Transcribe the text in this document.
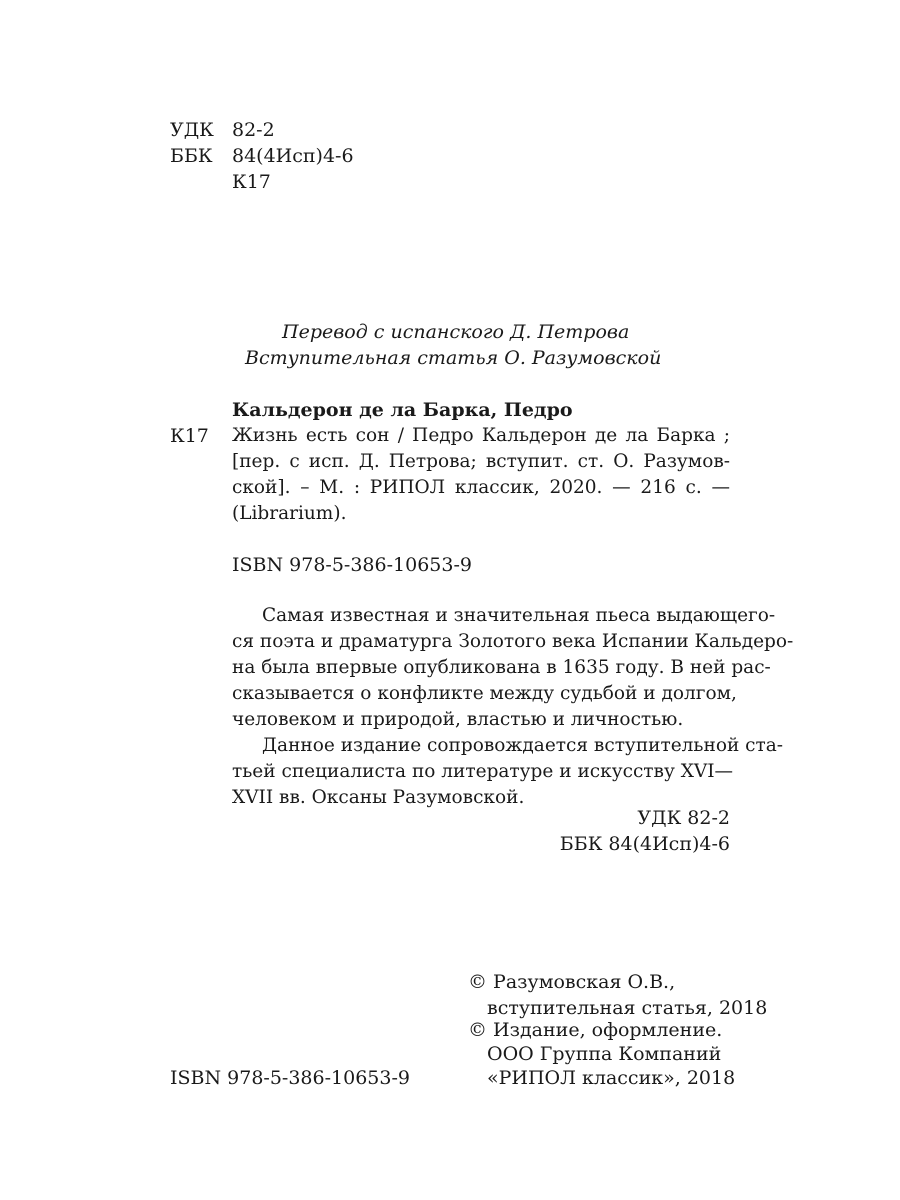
УДК 82-2
ББК 84(4Исп)4-6
К17
Перевод с испанского Д. Петрова
Вступительная статья О. Разумовской
Кальдерон де ла Барка, Педро
К17 Жизнь есть сон / Педро Кальдерон де ла Барка ;
[пер. с исп. Д. Петрова; вступит. ст. О. Разумов-
ской]. – М. : РИПОЛ классик, 2020. — 216 с. —
(Librarium).
ISBN 978-5-386-10653-9
Самая известная и значительная пьеса выдающего-
ся поэта и драматурга Золотого века Испании Кальдеро-
на была впервые опубликована в 1635 году. В ней рас-
сказывается о конфликте между судьбой и долгом,
человеком и природой, властью и личностью.
Данное издание сопровождается вступительной ста-
тьей специалиста по литературе и искусству XVI—
XVII вв. Оксаны Разумовской.
УДК 82-2
ББК 84(4Исп)4-6
ISBN 978-5-386-10653-9
© Разумовская О.В.,
вступительная статья, 2018
© Издание, оформление.
ООО Группа Компаний
«РИПОЛ классик», 2018
